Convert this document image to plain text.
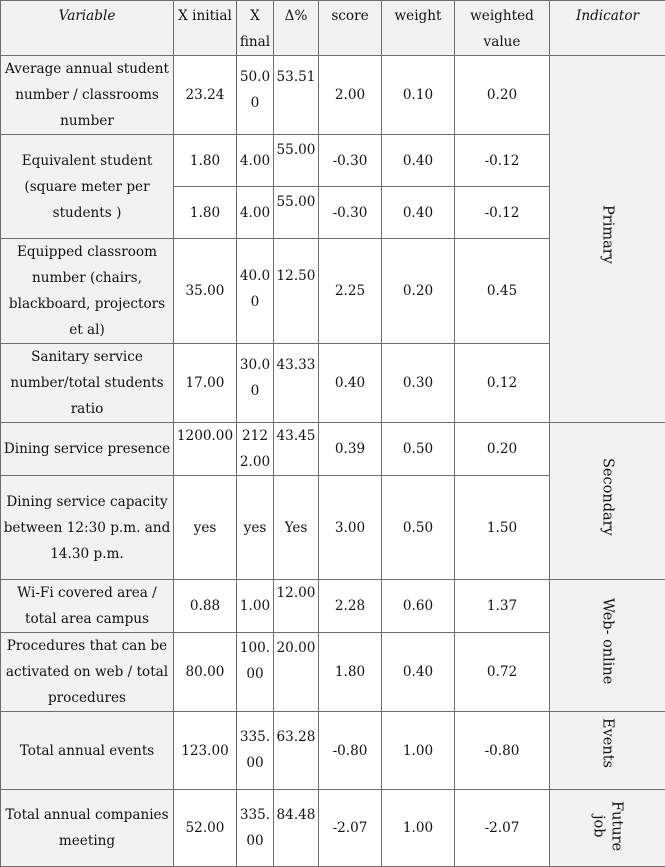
Variable	X initial	X final	Δ%	score	weight	weighted value	Indicator
Average annual student number / classrooms number	23.24	50.00	53.51	2.00	0.10	0.20	Primary
Equivalent student (square meter per students )	1.80	4.00	55.00	-0.30	0.40	-0.12	
	1.80	4.00	55.00	-0.30	0.40	-0.12	
Equipped classroom number (chairs, blackboard, projectors et al)	35.00	40.00	12.50	2.25	0.20	0.45	
Sanitary service number/total students ratio	17.00	30.00	43.33	0.40	0.30	0.12	
Dining service presence	1200.00	2122.00	43.45	0.39	0.50	0.20	Secondary
Dining service capacity between 12:30 p.m. and 14.30 p.m.	yes	yes	Yes	3.00	0.50	1.50	
Wi-Fi covered area / total area campus	0.88	1.00	12.00	2.28	0.60	1.37	Web- online
Procedures that can be activated on web / total procedures	80.00	100.00	20.00	1.80	0.40	0.72	
Total annual events	123.00	335.00	63.28	-0.80	1.00	-0.80	Events
Total annual companies meeting	52.00	335.00	84.48	-2.07	1.00	-2.07	Future job
